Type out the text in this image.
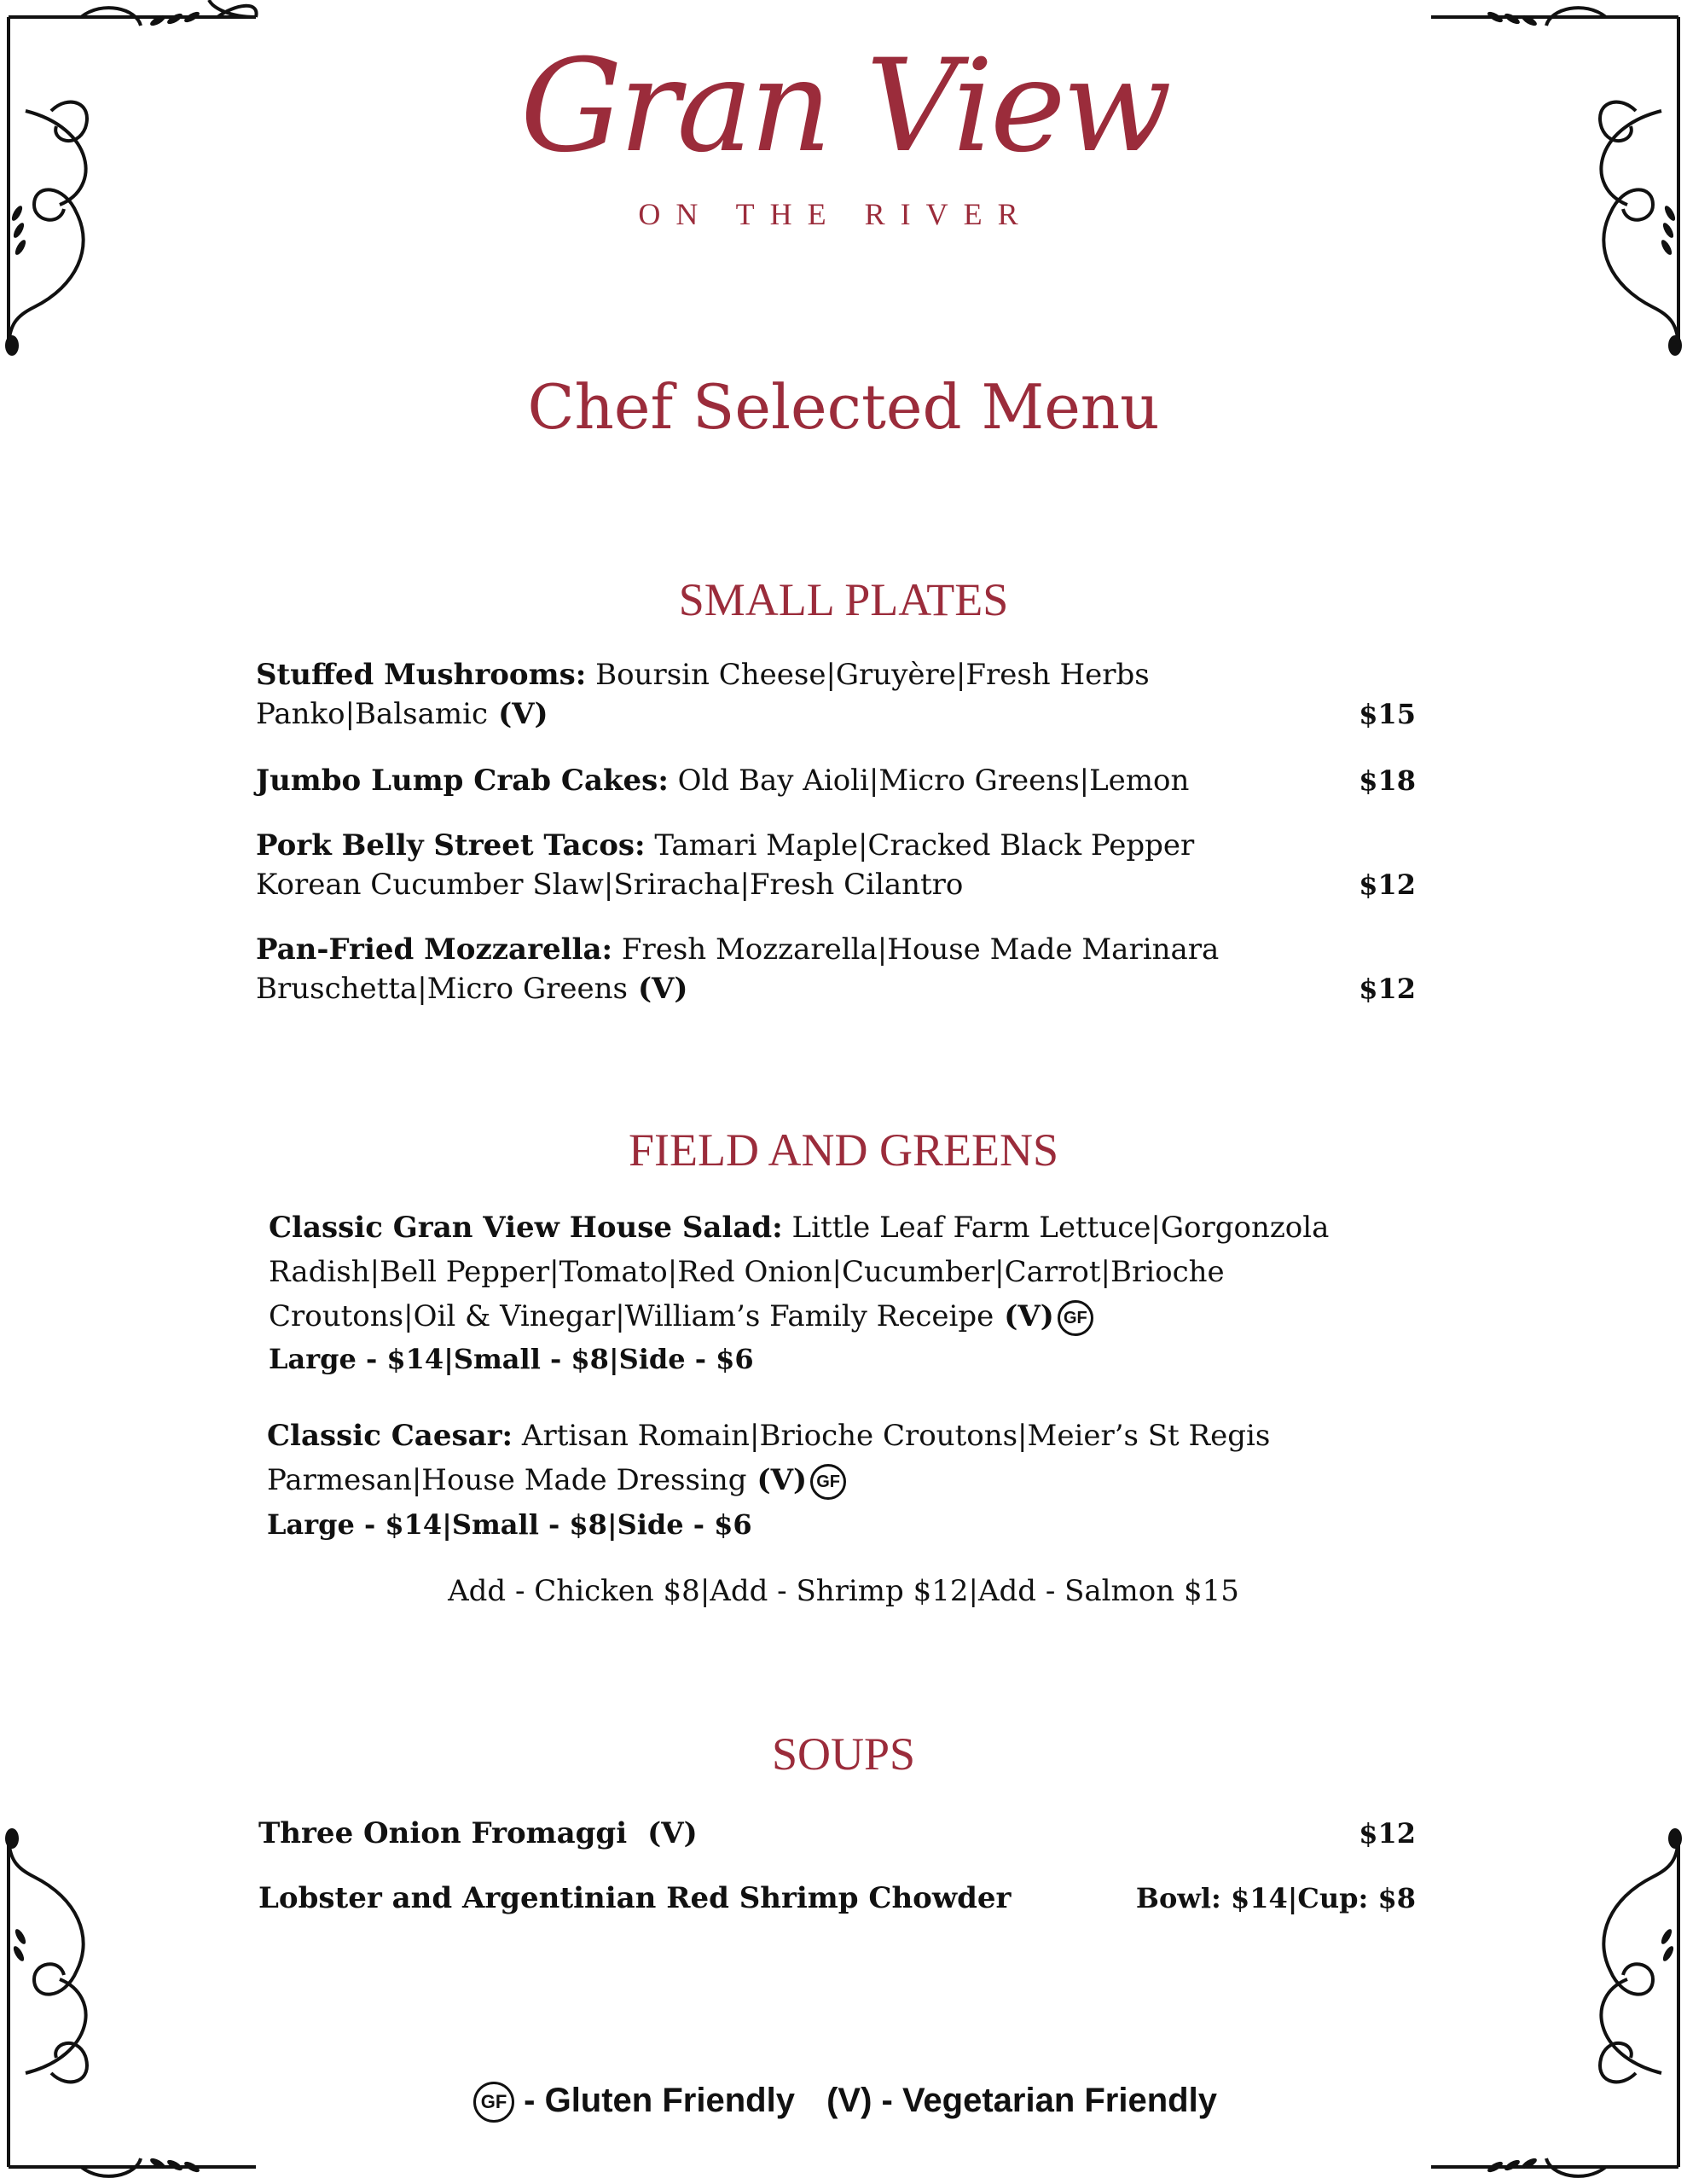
Gran View
ON THE RIVER
Chef Selected Menu
SMALL PLATES
Stuffed Mushrooms: Boursin Cheese|Gruyère|Fresh Herbs
Panko|Balsamic (V)	$15
Jumbo Lump Crab Cakes: Old Bay Aioli|Micro Greens|Lemon	$18
Pork Belly Street Tacos: Tamari Maple|Cracked Black Pepper
Korean Cucumber Slaw|Sriracha|Fresh Cilantro	$12
Pan-Fried Mozzarella: Fresh Mozzarella|House Made Marinara
Bruschetta|Micro Greens (V)	$12
FIELD AND GREENS
Classic Gran View House Salad: Little Leaf Farm Lettuce|Gorgonzola
Radish|Bell Pepper|Tomato|Red Onion|Cucumber|Carrot|Brioche
Croutons|Oil & Vinegar|William’s Family Receipe (V) GF
Large - $14|Small - $8|Side - $6
Classic Caesar: Artisan Romain|Brioche Croutons|Meier’s St Regis
Parmesan|House Made Dressing (V) GF
Large - $14|Small - $8|Side - $6
Add - Chicken $8|Add - Shrimp $12|Add - Salmon $15
SOUPS
Three Onion Fromaggi (V)	$12
Lobster and Argentinian Red Shrimp Chowder	Bowl: $14|Cup: $8
GF - Gluten Friendly (V) - Vegetarian Friendly
